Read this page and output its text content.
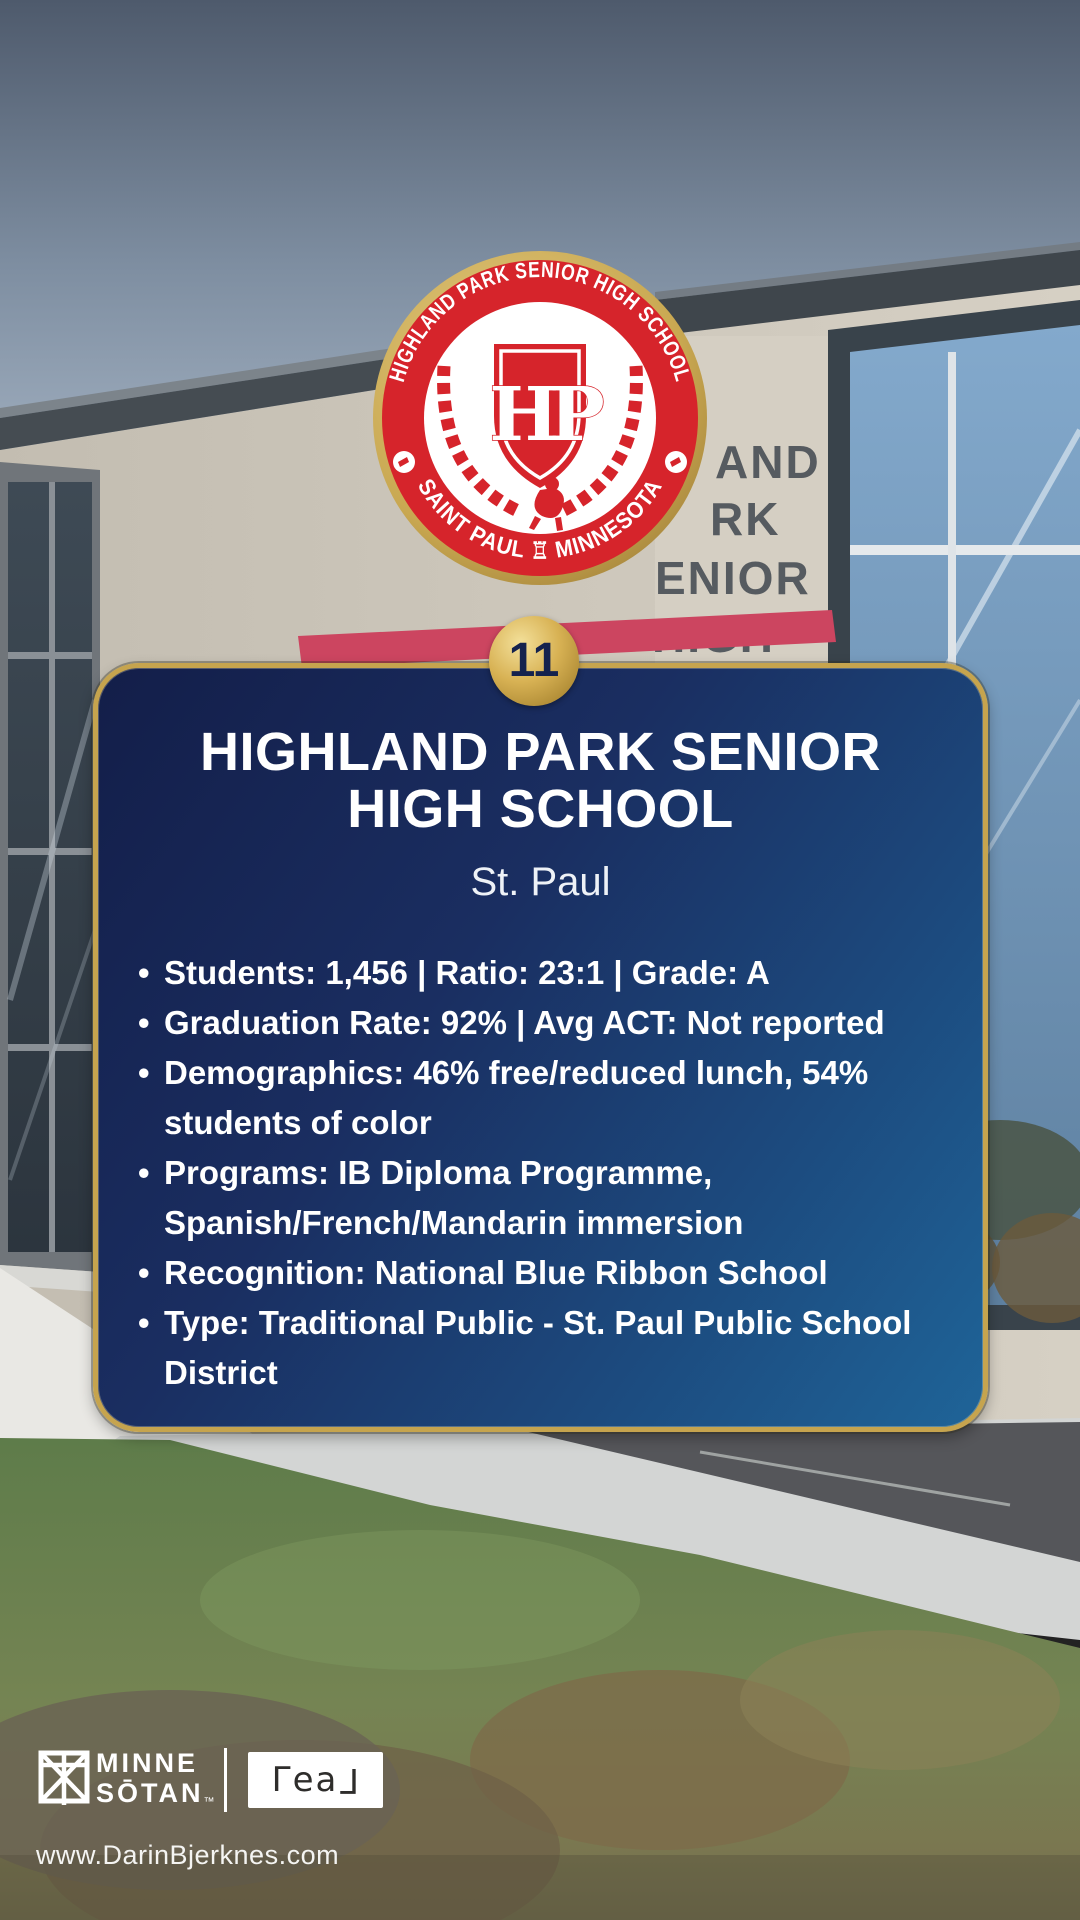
AND
RK
ENIOR
HIGHLAND PARK SENIOR HIGH SCHOOL
SAINT PAUL ♖ MINNESOTA
HP
11
HIGHLAND PARK SENIOR HIGH SCHOOL
St. Paul
• Students: 1,456 | Ratio: 23:1 | Grade: A
• Graduation Rate: 92% | Avg ACT: Not reported
• Demographics: 46% free/reduced lunch, 54% students of color
• Programs: IB Diploma Programme, Spanish/French/Mandarin immersion
• Recognition: National Blue Ribbon School
• Type: Traditional Public - St. Paul Public School District
MINNE
SŌTAN™
Γ e a Γ
www.DarinBjerknes.com
